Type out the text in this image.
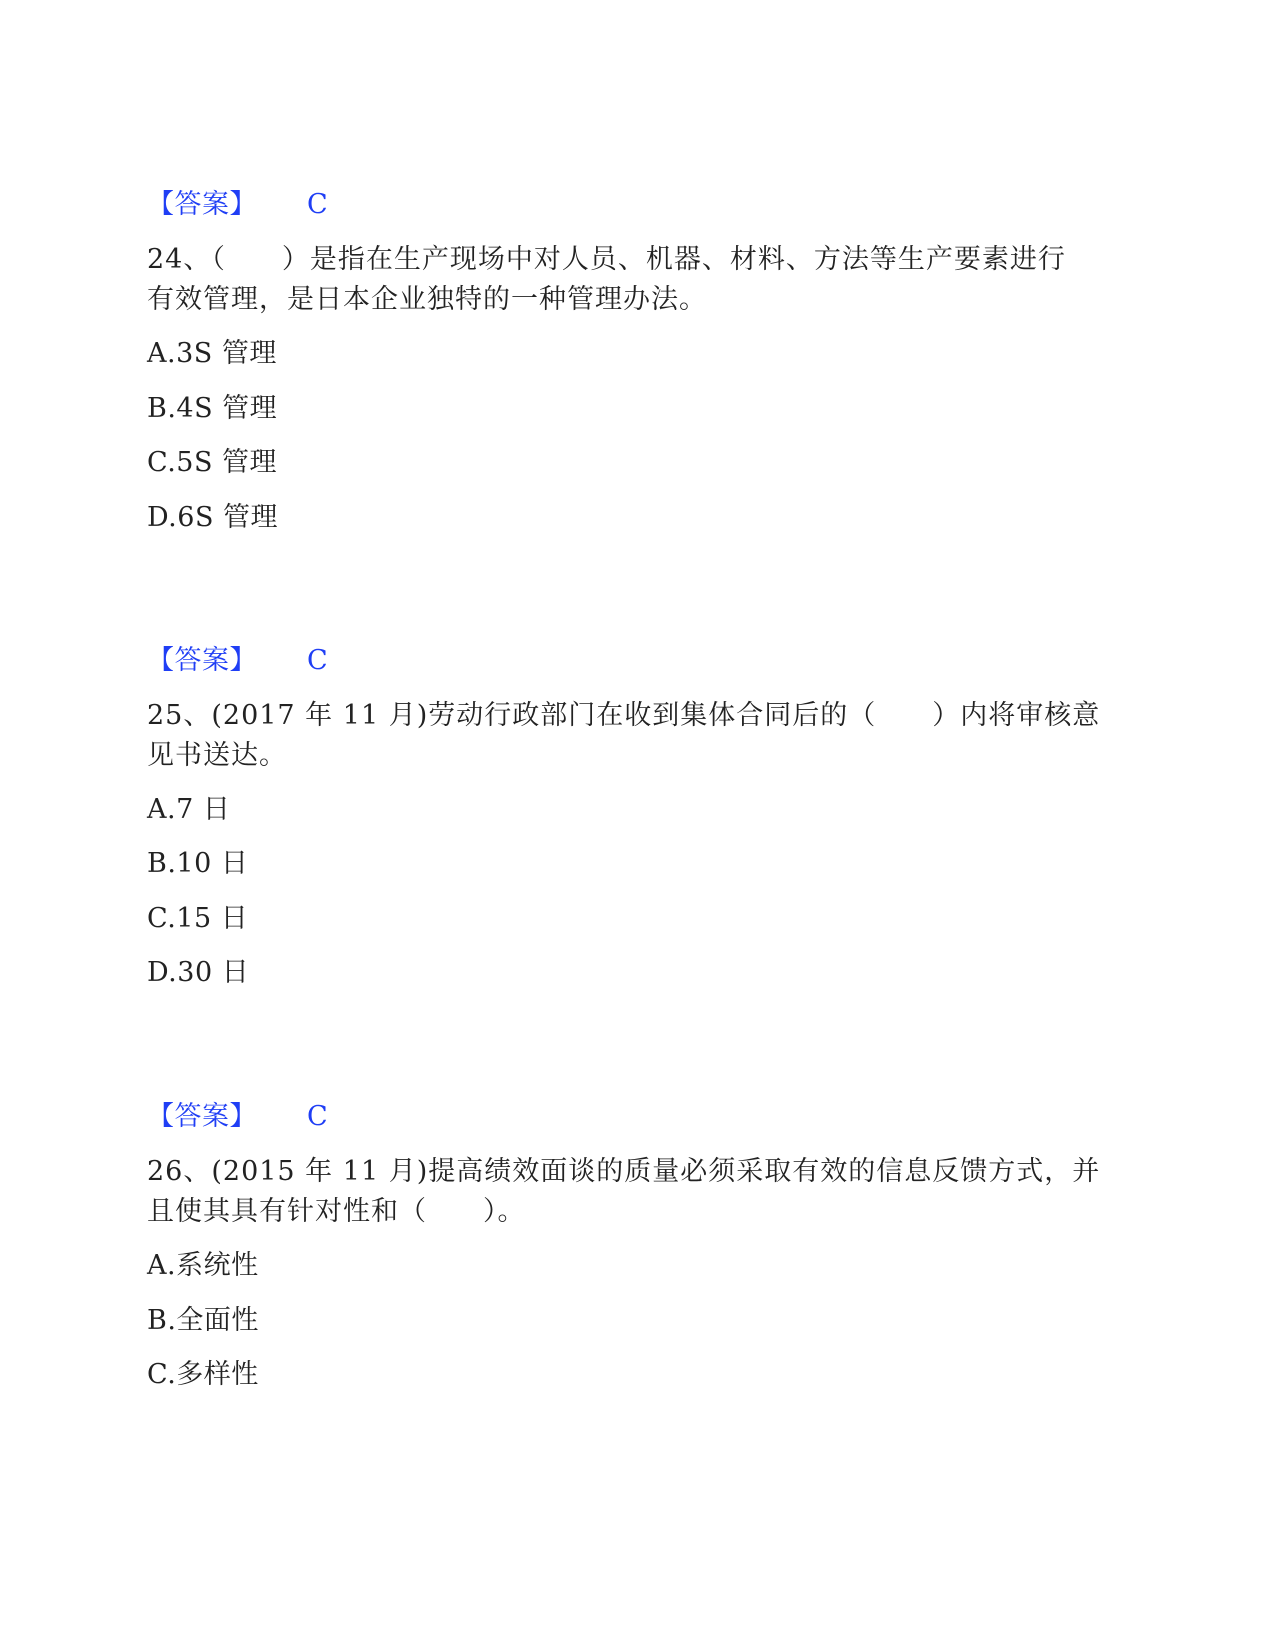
【答案】 C
24、（　　）是指在生产现场中对人员、机器、材料、方法等生产要素进行
有效管理，是日本企业独特的一种管理办法。
A.3S 管理
B.4S 管理
C.5S 管理
D.6S 管理
【答案】 C
25、(2017 年 11 月)劳动行政部门在收到集体合同后的（　　）内将审核意
见书送达。
A.7 日
B.10 日
C.15 日
D.30 日
【答案】 C
26、(2015 年 11 月)提高绩效面谈的质量必须采取有效的信息反馈方式，并
且使其具有针对性和（　　）。
A.系统性
B.全面性
C.多样性
